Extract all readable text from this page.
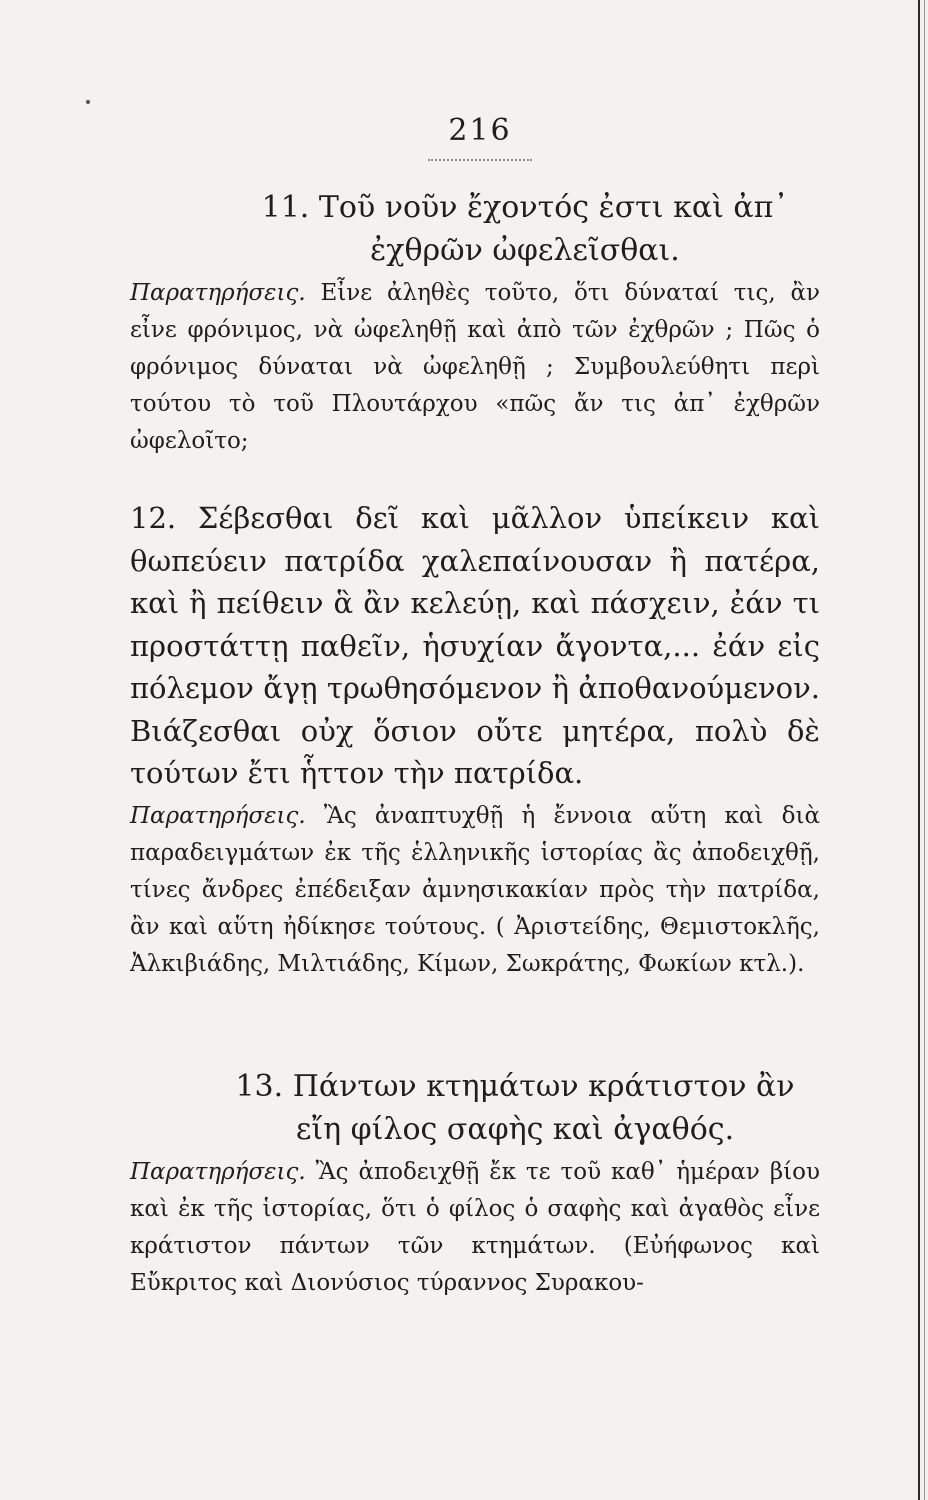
216
11. Τοῦ νοῦν ἔχοντός ἐστι καὶ ἀπ᾽ ἐχθρῶν ὠφελεῖσθαι.
Παρατηρήσεις. Εἶνε ἀληθὲς τοῦτο, ὅτι δύναταί τις, ἂν εἶνε φρόνιμος, νὰ ὠφεληθῇ καὶ ἀπὸ τῶν ἐχθρῶν ; Πῶς ὁ φρόνιμος δύναται νὰ ὠφεληθῇ ; Συμβουλεύθητι περὶ τούτου τὸ τοῦ Πλουτάρχου «πῶς ἄν τις ἀπ᾽ ἐχθρῶν ὠφελοῖτο;
12. Σέβεσθαι δεῖ καὶ μᾶλλον ὑπείκειν καὶ θωπεύειν πατρίδα χαλεπαίνουσαν ἢ πατέρα, καὶ ἢ πείθειν ἃ ἂν κελεύῃ, καὶ πάσχειν, ἐάν τι προστάττῃ παθεῖν, ἡσυχίαν ἄγοντα,... ἐάν εἰς πόλεμον ἄγῃ τρωθησόμενον ἢ ἀποθανούμενον. Βιάζεσθαι οὐχ ὅσιον οὔτε μητέρα, πολὺ δὲ τούτων ἔτι ἧττον τὴν πατρίδα.
Παρατηρήσεις. Ἂς ἀναπτυχθῇ ἡ ἔννοια αὕτη καὶ διὰ παραδειγμάτων ἐκ τῆς ἑλληνικῆς ἱστορίας ἂς ἀποδειχθῇ, τίνες ἄνδρες ἐπέδειξαν ἀμνησικακίαν πρὸς τὴν πατρίδα, ἂν καὶ αὕτη ἠδίκησε τούτους. ( Ἀριστείδης, Θεμιστοκλῆς, Ἀλκιβιάδης, Μιλτιάδης, Κίμων, Σωκράτης, Φωκίων κτλ.).
13. Πάντων κτημάτων κράτιστον ἂν εἴη φίλος σαφὴς καὶ ἀγαθός.
Παρατηρήσεις. Ἂς ἀποδειχθῇ ἔκ τε τοῦ καθ᾽ ἡμέραν βίου καὶ ἐκ τῆς ἱστορίας, ὅτι ὁ φίλος ὁ σαφὴς καὶ ἀγαθὸς εἶνε κράτιστον πάντων τῶν κτημάτων. (Εὐήφωνος καὶ Εὔκριτος καὶ Διονύσιος τύραννος Συρακου-
